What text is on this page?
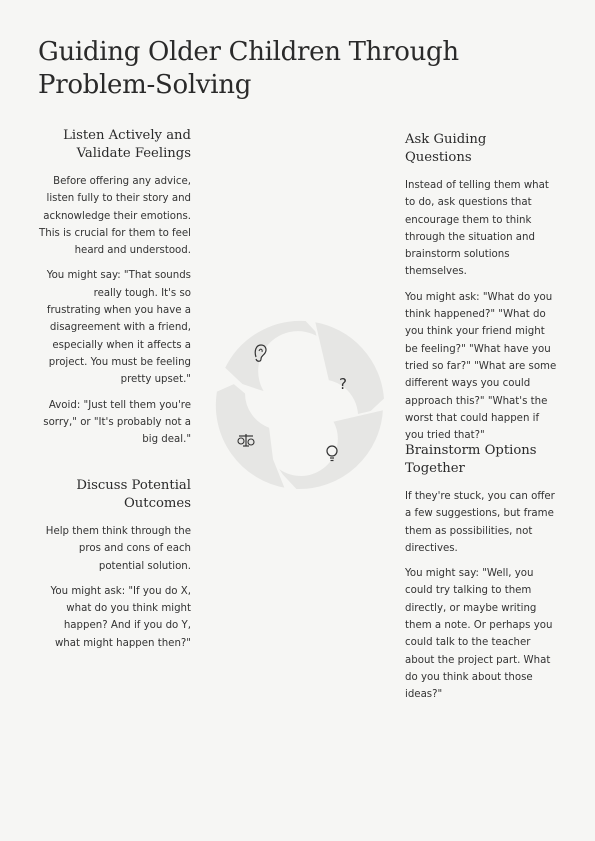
Guiding Older Children Through Problem-Solving
Listen Actively and Validate Feelings

Before offering any advice, listen fully to their story and acknowledge their emotions. This is crucial for them to feel heard and understood.

You might say: "That sounds really tough. It's so frustrating when you have a disagreement with a friend, especially when it affects a project. You must be feeling pretty upset."

Avoid: "Just tell them you're sorry," or "It's probably not a big deal."

Discuss Potential Outcomes

Help them think through the pros and cons of each potential solution.

You might ask: "If you do X, what do you think might happen? And if you do Y, what might happen then?"

Ask Guiding Questions

Instead of telling them what to do, ask questions that encourage them to think through the situation and brainstorm solutions themselves.

You might ask: "What do you think happened?" "What do you think your friend might be feeling?" "What have you tried so far?" "What are some different ways you could approach this?" "What's the worst that could happen if you tried that?"

Brainstorm Options Together

If they're stuck, you can offer a few suggestions, but frame them as possibilities, not directives.

You might say: "Well, you could try talking to them directly, or maybe writing them a note. Or perhaps you could talk to the teacher about the project part. What do you think about those ideas?"

?
